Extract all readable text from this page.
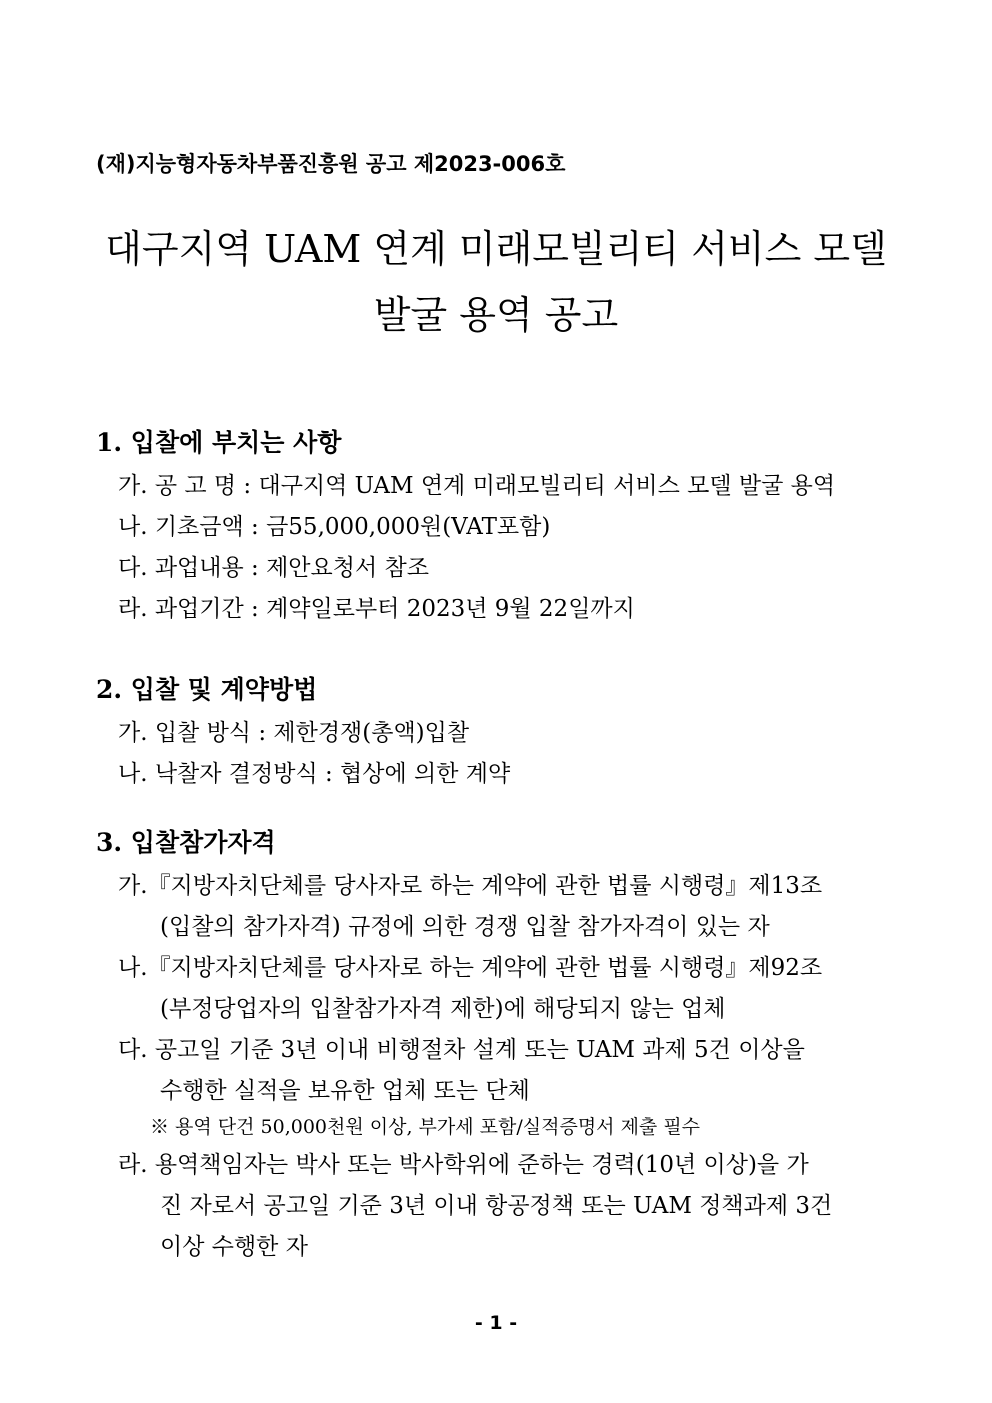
(재)지능형자동차부품진흥원 공고 제2023-006호
대구지역 UAM 연계 미래모빌리티 서비스 모델
발굴 용역 공고
1. 입찰에 부치는 사항
가. 공 고 명 : 대구지역 UAM 연계 미래모빌리티 서비스 모델 발굴 용역
나. 기초금액 : 금55,000,000원(VAT포함)
다. 과업내용 : 제안요청서 참조
라. 과업기간 : 계약일로부터 2023년 9월 22일까지
2. 입찰 및 계약방법
가. 입찰 방식 : 제한경쟁(총액)입찰
나. 낙찰자 결정방식 : 협상에 의한 계약
3. 입찰참가자격
가.『지방자치단체를 당사자로 하는 계약에 관한 법률 시행령』제13조
(입찰의 참가자격) 규정에 의한 경쟁 입찰 참가자격이 있는 자
나.『지방자치단체를 당사자로 하는 계약에 관한 법률 시행령』제92조
(부정당업자의 입찰참가자격 제한)에 해당되지 않는 업체
다. 공고일 기준 3년 이내 비행절차 설계 또는 UAM 과제 5건 이상을
수행한 실적을 보유한 업체 또는 단체
※ 용역 단건 50,000천원 이상, 부가세 포함/실적증명서 제출 필수
라. 용역책임자는 박사 또는 박사학위에 준하는 경력(10년 이상)을 가
진 자로서 공고일 기준 3년 이내 항공정책 또는 UAM 정책과제 3건
이상 수행한 자
- 1 -
